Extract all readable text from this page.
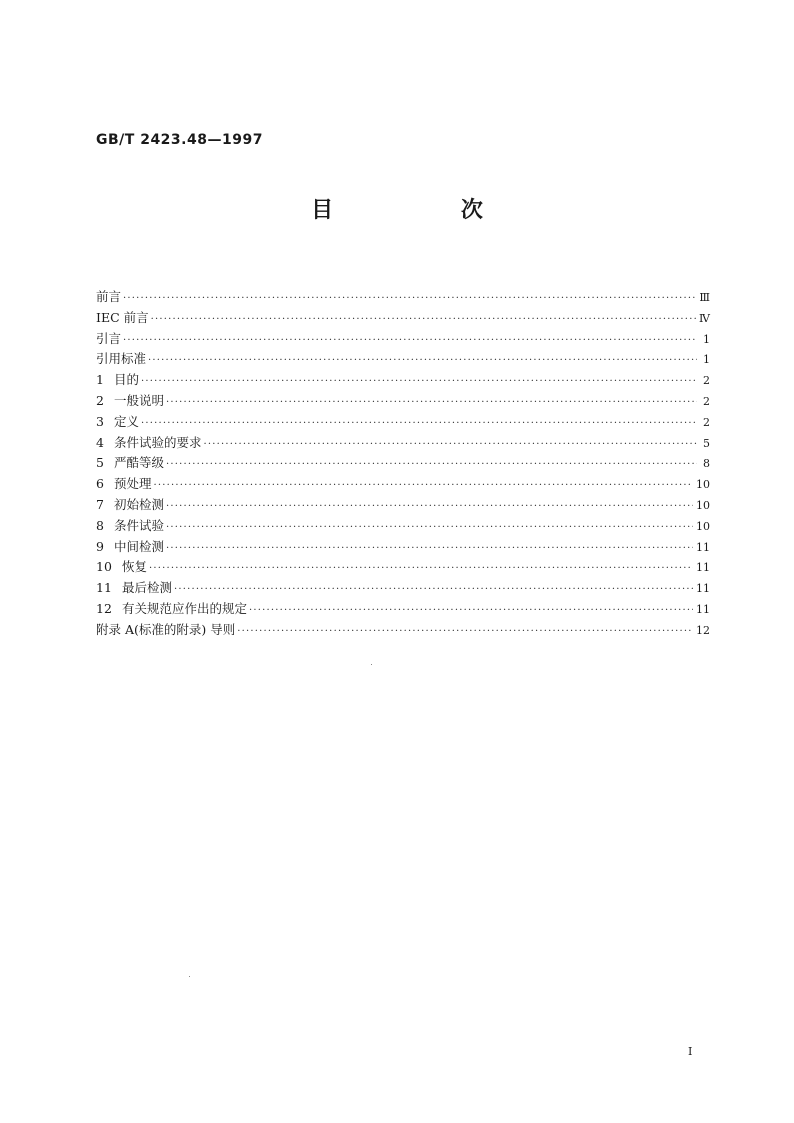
GB/T 2423.48—1997
目 次
前言 ·····	Ⅲ
IEC 前言 ·····	Ⅳ
引言 ·····	1
引用标准 ·····	1
1 目的 ·····	2
2 一般说明 ·····	2
3 定义 ·····	2
4 条件试验的要求 ·····	5
5 严酷等级 ·····	8
6 预处理 ·····	10
7 初始检测 ·····	10
8 条件试验 ·····	10
9 中间检测 ·····	11
10 恢复 ·····	11
11 最后检测 ·····	11
12 有关规范应作出的规定 ·····	11
附录 A(标准的附录) 导则 ·····	12
I
